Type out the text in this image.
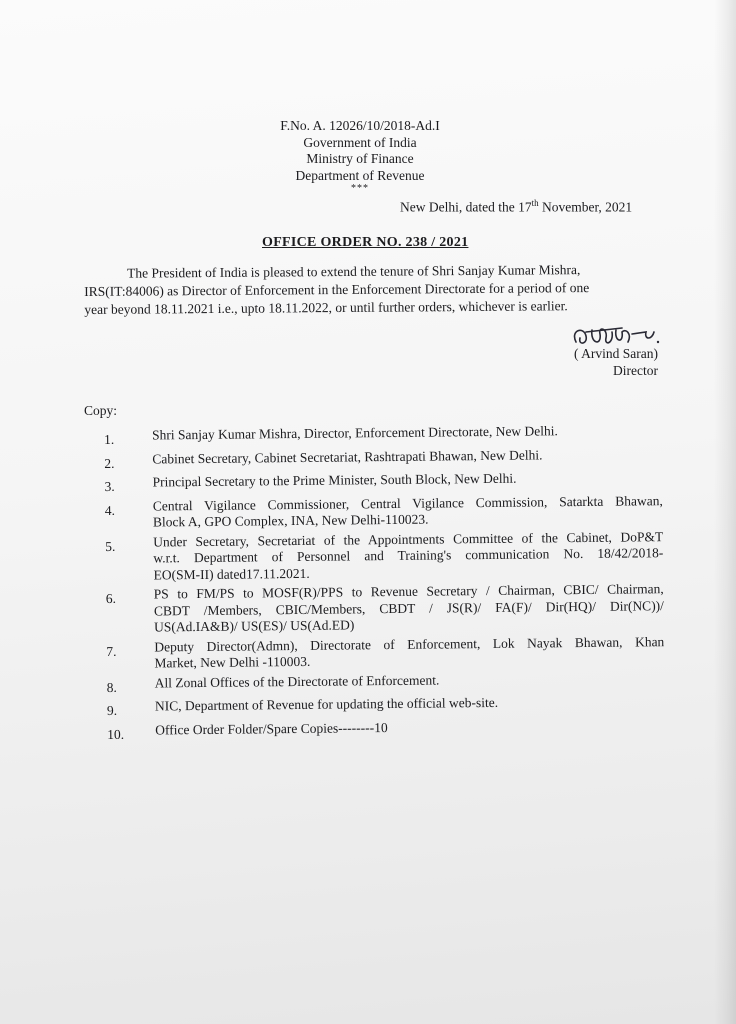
F.No. A. 12026/10/2018-Ad.I
Government of India
Ministry of Finance
Department of Revenue
***
New Delhi, dated the 17th November, 2021
OFFICE ORDER NO. 238 / 2021
The President of India is pleased to extend the tenure of Shri Sanjay Kumar Mishra,
IRS(IT:84006) as Director of Enforcement in the Enforcement Directorate for a period of one
year beyond 18.11.2021 i.e., upto 18.11.2022, or until further orders, whichever is earlier.
( Arvind Saran)
Director
Copy:
1.	Shri Sanjay Kumar Mishra, Director, Enforcement Directorate, New Delhi.
2.	Cabinet Secretary, Cabinet Secretariat, Rashtrapati Bhawan, New Delhi.
3.	Principal Secretary to the Prime Minister, South Block, New Delhi.
4.	Central Vigilance Commissioner, Central Vigilance Commission, Satarkta Bhawan,
Block A, GPO Complex, INA, New Delhi-110023.
5.	Under Secretary, Secretariat of the Appointments Committee of the Cabinet, DoP&T
w.r.t. Department of Personnel and Training's communication No. 18/42/2018-
EO(SM-II) dated17.11.2021.
6.	PS to FM/PS to MOSF(R)/PPS to Revenue Secretary / Chairman, CBIC/ Chairman,
CBDT /Members, CBIC/Members, CBDT / JS(R)/ FA(F)/ Dir(HQ)/ Dir(NC))/
US(Ad.IA&B)/ US(ES)/ US(Ad.ED)
7.	Deputy Director(Admn), Directorate of Enforcement, Lok Nayak Bhawan, Khan
Market, New Delhi -110003.
8.	All Zonal Offices of the Directorate of Enforcement.
9.	NIC, Department of Revenue for updating the official web-site.
10.	Office Order Folder/Spare Copies--------10
